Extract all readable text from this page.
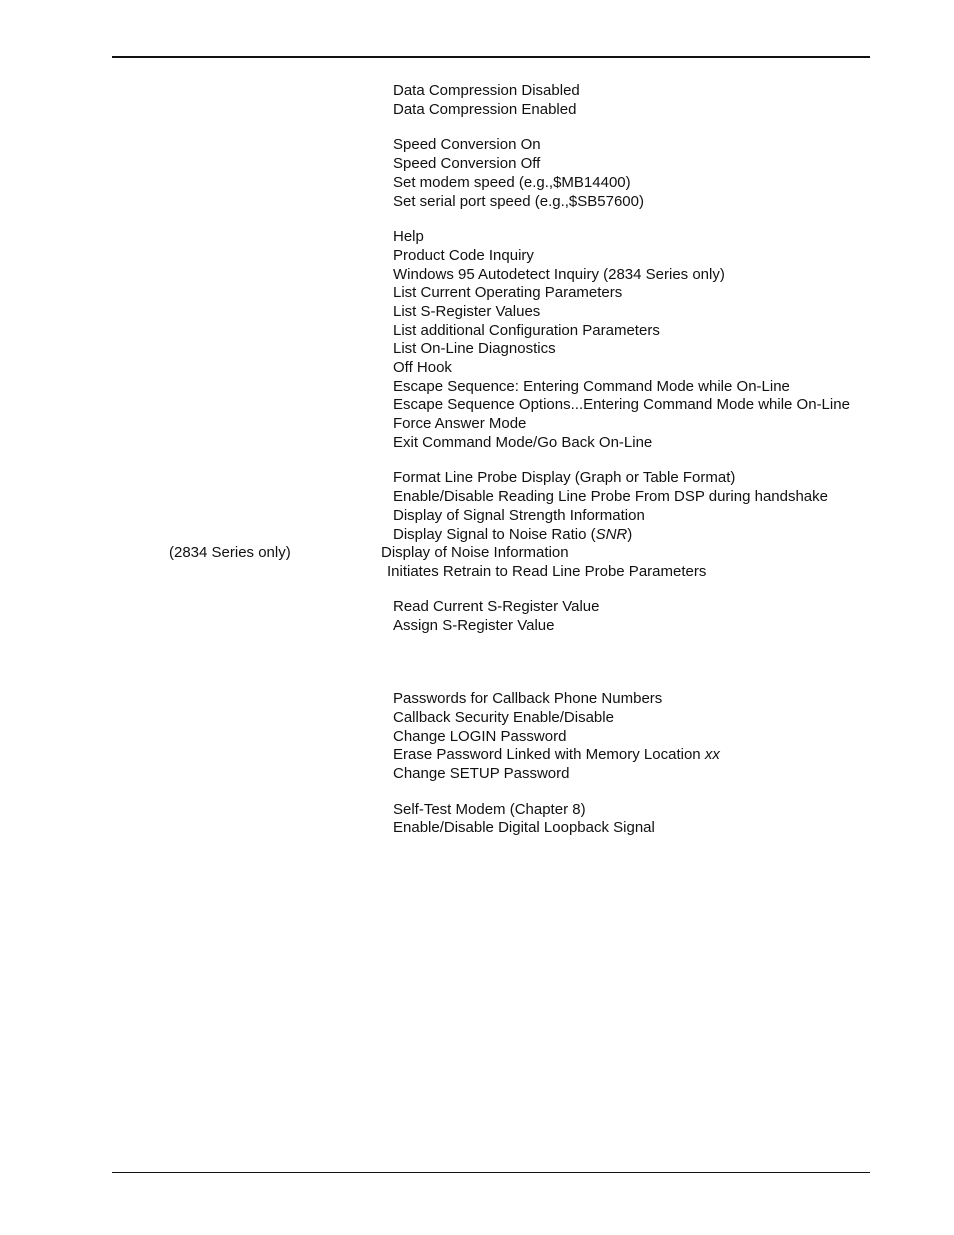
Data Compression Disabled
Data Compression Enabled
Speed Conversion On
Speed Conversion Off
Set modem speed (e.g.,$MB14400)
Set serial port speed (e.g.,$SB57600)
Help
Product Code Inquiry
Windows 95 Autodetect Inquiry (2834 Series only)
List Current Operating Parameters
List S-Register Values
List additional Configuration Parameters
List On-Line Diagnostics
Off Hook
Escape Sequence: Entering Command Mode while On-Line
Escape Sequence Options...Entering Command Mode while On-Line
Force Answer Mode
Exit Command Mode/Go Back On-Line
Format Line Probe Display (Graph or Table Format)
Enable/Disable Reading Line Probe From DSP during handshake
Display of Signal Strength Information
Display Signal to Noise Ratio (SNR)
(2834 Series only)	Display of Noise Information
Initiates Retrain to Read Line Probe Parameters
Read Current S-Register Value
Assign S-Register Value
Passwords for Callback Phone Numbers
Callback Security Enable/Disable
Change LOGIN Password
Erase Password Linked with Memory Location xx
Change SETUP Password
Self-Test Modem (Chapter 8)
Enable/Disable Digital Loopback Signal
